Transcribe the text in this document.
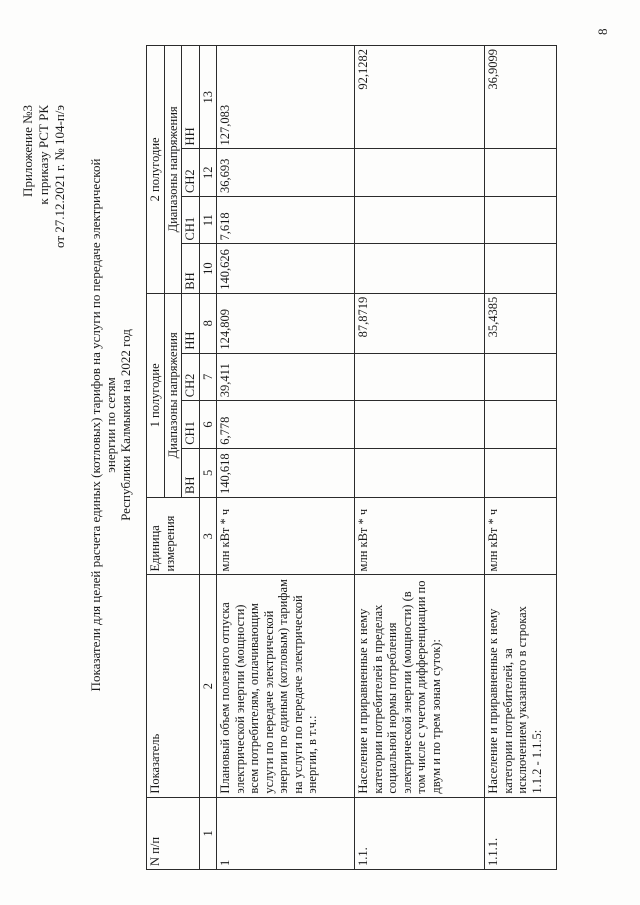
Приложение №3 к приказу РСТ РК от 27.12.2021 г. № 104-п/э
8
Показатели для целей расчета единых (котловых) тарифов на услуги по передаче электрической энергии по сетям Республики Калмыкия на 2022 год
N п/п	Показатель	Единица измерения	1 полугодие				2 полугодие			
			Диапазоны напряжения				Диапазоны напряжения			
			ВН	СН1	СН2	НН	ВН	СН1	СН2	НН
1	2	3	5	6	7	8	10	11	12	13
1	Плановый объем полезного отпуска электрической энергии (мощности) всем потребителям, оплачивающим услуги по передаче электрической энергии по единым (котловым) тарифам на услуги по передаче электрической энергии, в т.ч.:	млн кВт * ч	140,618	6,778	39,411	124,809	140,626	7,618	36,693	127,083
1.1.	Население и приравненные к нему категории потребителей в пределах социальной нормы потребления электрической энергии (мощности) (в том числе с учетом дифференциации по двум и по трем зонам суток):	млн кВт * ч				87,8719				92,1282
1.1.1.	Население и приравненные к нему категории потребителей, за исключением указанного в строках 1.1.2 - 1.1.5:	млн кВт * ч				35,4385				36,9099
